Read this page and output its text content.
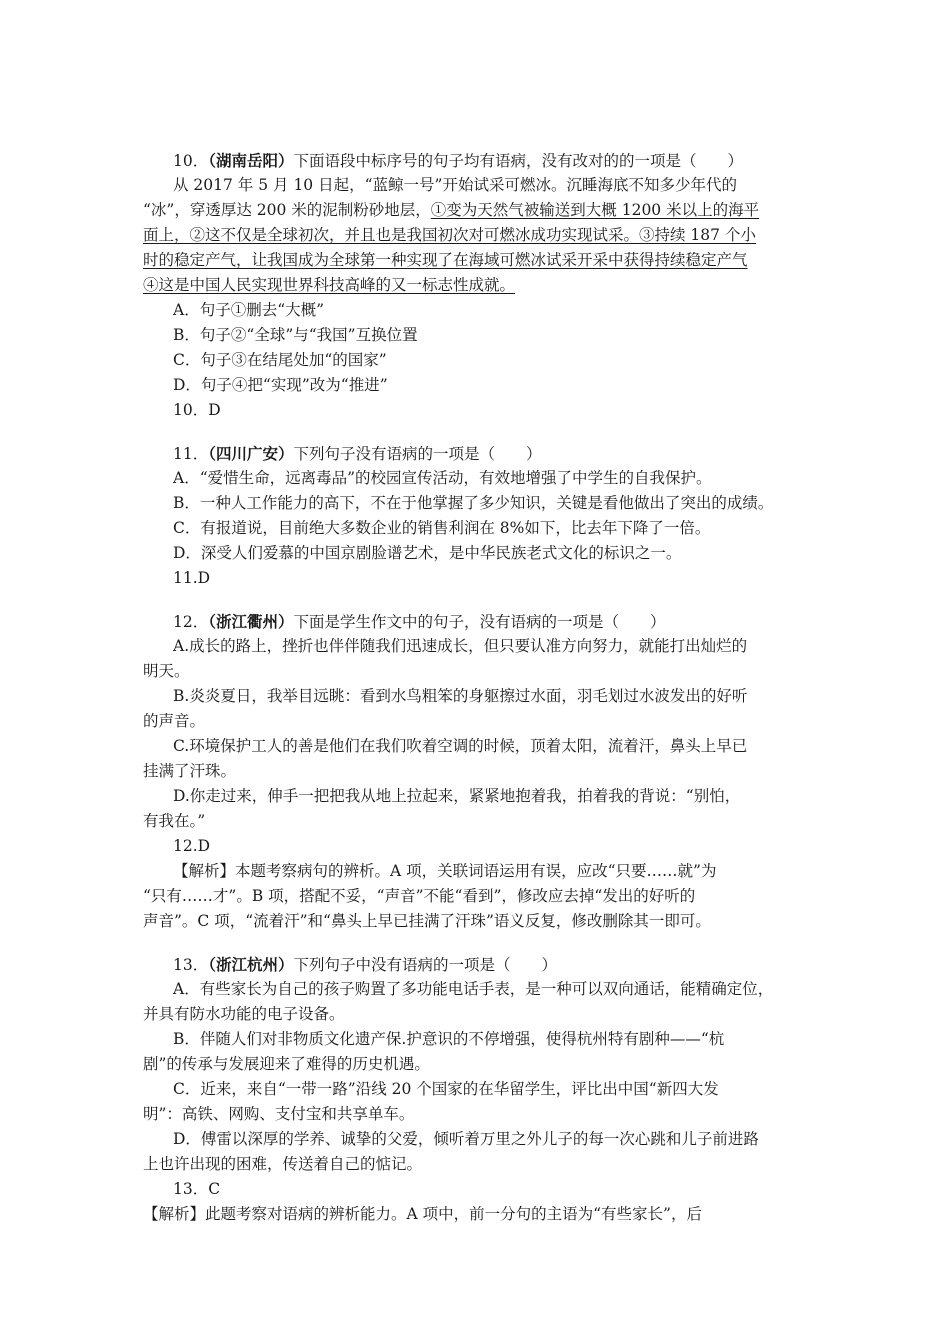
10．（湖南岳阳）下面语段中标序号的句子均有语病，没有改对的的一项是（　　）
从 2017 年 5 月 10 日起，“蓝鲸一号”开始试采可燃冰。沉睡海底不知多少年代的
“冰”，穿透厚达 200 米的泥制粉砂地层，①变为天然气被输送到大概 1200 米以上的海平
面上，②这不仅是全球初次，并且也是我国初次对可燃冰成功实现试采。③持续 187 个小
时的稳定产气，让我国成为全球第一种实现了在海域可燃冰试采开采中获得持续稳定产气
④这是中国人民实现世界科技高峰的又一标志性成就。
A．句子①删去“大概”
B．句子②“全球”与“我国”互换位置
C．句子③在结尾处加“的国家”
D．句子④把“实现”改为“推进”
10．D
11．（四川广安）下列句子没有语病的一项是（　　）
A．“爱惜生命，远离毒品”的校园宣传活动，有效地增强了中学生的自我保护。
B．一种人工作能力的高下，不在于他掌握了多少知识，关键是看他做出了突出的成绩。
C．有报道说，目前绝大多数企业的销售利润在 8%如下，比去年下降了一倍。
D．深受人们爱慕的中国京剧脸谱艺术，是中华民族老式文化的标识之一。
11.D
12．（浙江衢州）下面是学生作文中的句子，没有语病的一项是（　　）
A.成长的路上，挫折也伴伴随我们迅速成长，但只要认准方向努力，就能打出灿烂的
明天。
B.炎炎夏日，我举目远眺：看到水鸟粗笨的身躯擦过水面，羽毛划过水波发出的好听
的声音。
C.环境保护工人的善是他们在我们吹着空调的时候，顶着太阳，流着汗，鼻头上早已
挂满了汗珠。
D.你走过来，伸手一把把我从地上拉起来，紧紧地抱着我，拍着我的背说：“别怕，
有我在。”
12.D
【解析】本题考察病句的辨析。A 项，关联词语运用有误，应改“只要……就”为
“只有……才”。B 项，搭配不妥，“声音”不能“看到”，修改应去掉“发出的好听的
声音”。C 项，“流着汗”和“鼻头上早已挂满了汗珠”语义反复，修改删除其一即可。
13．（浙江杭州）下列句子中没有语病的一项是（　　）
A．有些家长为自己的孩子购置了多功能电话手表，是一种可以双向通话，能精确定位，
并具有防水功能的电子设备。
B．伴随人们对非物质文化遗产保.护意识的不停增强，使得杭州特有剧种——“杭
剧”的传承与发展迎来了难得的历史机遇。
C．近来，来自“一带一路”沿线 20 个国家的在华留学生，评比出中国“新四大发
明”：高铁、网购、支付宝和共享单车。
D．傅雷以深厚的学养、诚挚的父爱，倾听着万里之外儿子的每一次心跳和儿子前进路
上也许出现的困难，传送着自己的惦记。
13．C
【解析】此题考察对语病的辨析能力。A 项中，前一分句的主语为“有些家长”，后
